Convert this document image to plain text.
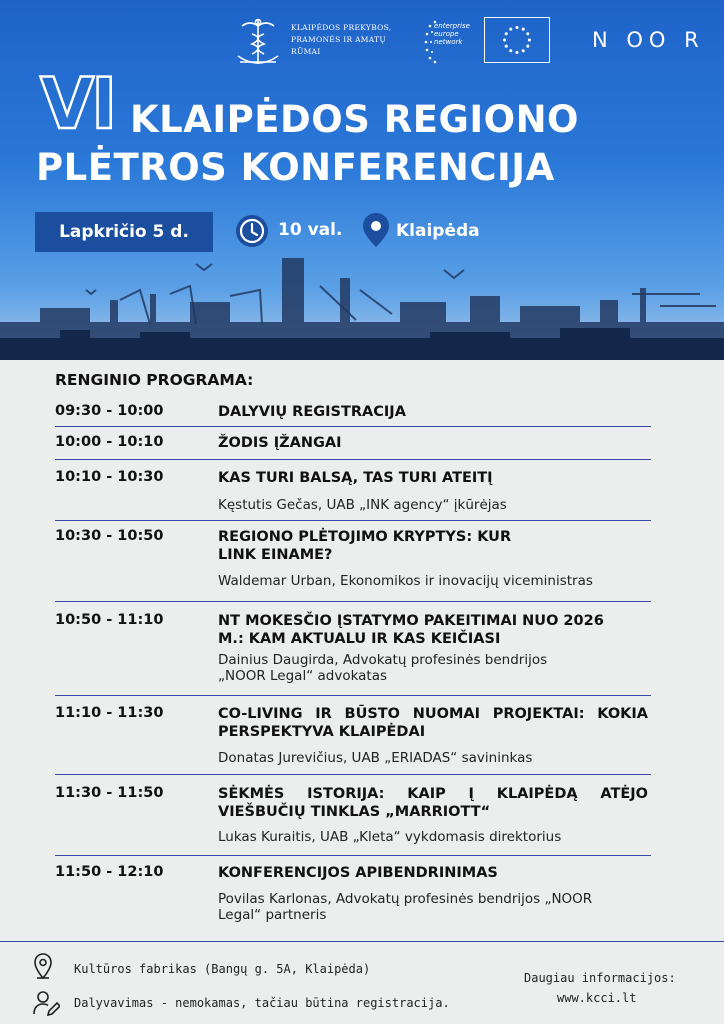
KLAIPĖDOS PREKYBOS,
PRAMONĖS IR AMATŲ
RŪMAI
enterprise
europe
network	N OO R
VI KLAIPĖDOS REGIONO
PLĖTROS KONFERENCIJA
Lapkričio 5 d.	10 val.	Klaipėda
RENGINIO PROGRAMA:
09:30 - 10:00	DALYVIŲ REGISTRACIJA
10:00 - 10:10	ŽODIS ĮŽANGAI
10:10 - 10:30	KAS TURI BALSĄ, TAS TURI ATEITĮ
Kęstutis Gečas, UAB „INK agency“ įkūrėjas
10:30 - 10:50	REGIONO PLĖTOJIMO KRYPTYS: KUR LINK EINAME?
Waldemar Urban, Ekonomikos ir inovacijų viceministras
10:50 - 11:10	NT MOKESČIO ĮSTATYMO PAKEITIMAI NUO 2026 M.: KAM AKTUALU IR KAS KEIČIASI
Dainius Daugirda, Advokatų profesinės bendrijos „NOOR Legal“ advokatas
11:10 - 11:30	CO-LIVING IR BŪSTO NUOMAI PROJEKTAI: KOKIA PERSPEKTYVA KLAIPĖDAI
Donatas Jurevičius, UAB „ERIADAS“ savininkas
11:30 - 11:50	SĖKMĖS ISTORIJA: KAIP Į KLAIPĖDĄ ATĖJO VIEŠBUČIŲ TINKLAS „MARRIOTT“
Lukas Kuraitis, UAB „Kleta“ vykdomasis direktorius
11:50 - 12:10	KONFERENCIJOS APIBENDRINIMAS
Povilas Karlonas, Advokatų profesinės bendrijos „NOOR Legal“ partneris
Kultūros fabrikas (Bangų g. 5A, Klaipėda)
Dalyvavimas - nemokamas, tačiau būtina registracija.
Daugiau informacijos:
www.kcci.lt
